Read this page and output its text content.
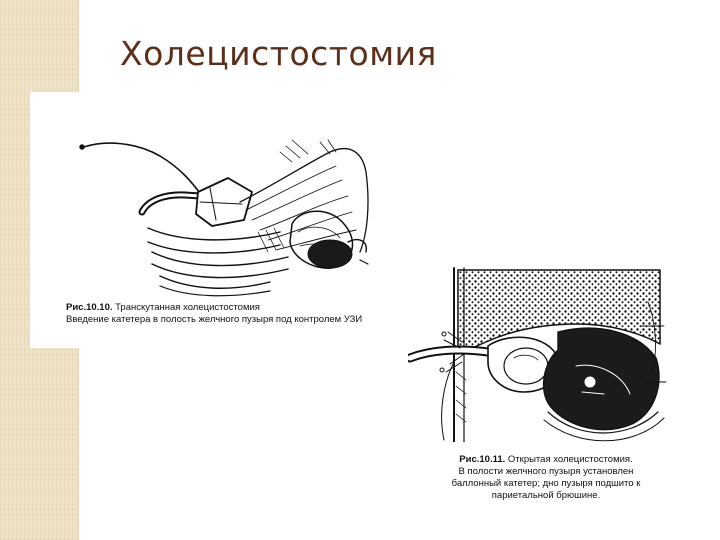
Холецистостомия
Рис.10.10. Транскутанная холецистостомия
Введение катетера в полость желчного пузыря под контролем УЗИ
Рис.10.11. Открытая холецистостомия.
В полости желчного пузыря установлен
баллонный катетер; дно пузыря подшито к
париетальной брюшине.
